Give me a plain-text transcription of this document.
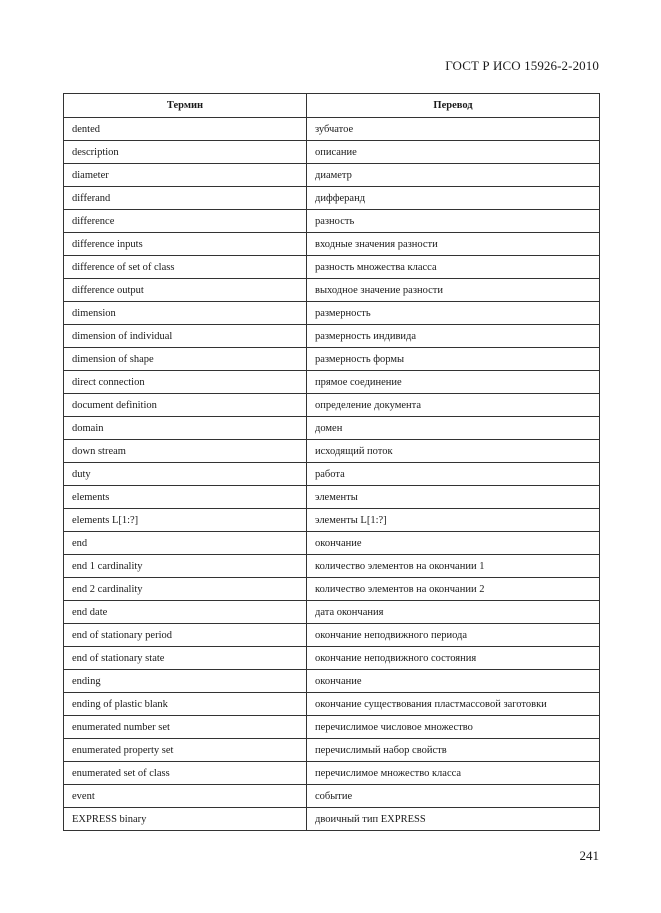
ГОСТ Р ИСО 15926-2-2010
Термин	Перевод
dented	зубчатое
description	описание
diameter	диаметр
differand	дифферанд
difference	разность
difference inputs	входные значения разности
difference of set of class	разность множества класса
difference output	выходное значение разности
dimension	размерность
dimension of individual	размерность индивида
dimension of shape	размерность формы
direct connection	прямое соединение
document definition	определение документа
domain	домен
down stream	исходящий поток
duty	работа
elements	элементы
elements L[1:?]	элементы L[1:?]
end	окончание
end 1 cardinality	количество элементов на окончании 1
end 2 cardinality	количество элементов на окончании 2
end date	дата окончания
end of stationary period	окончание неподвижного периода
end of stationary state	окончание неподвижного состояния
ending	окончание
ending of plastic blank	окончание существования пластмассовой заготовки
enumerated number set	перечислимое числовое множество
enumerated property set	перечислимый набор свойств
enumerated set of class	перечислимое множество класса
event	событие
EXPRESS binary	двоичный тип EXPRESS
241
